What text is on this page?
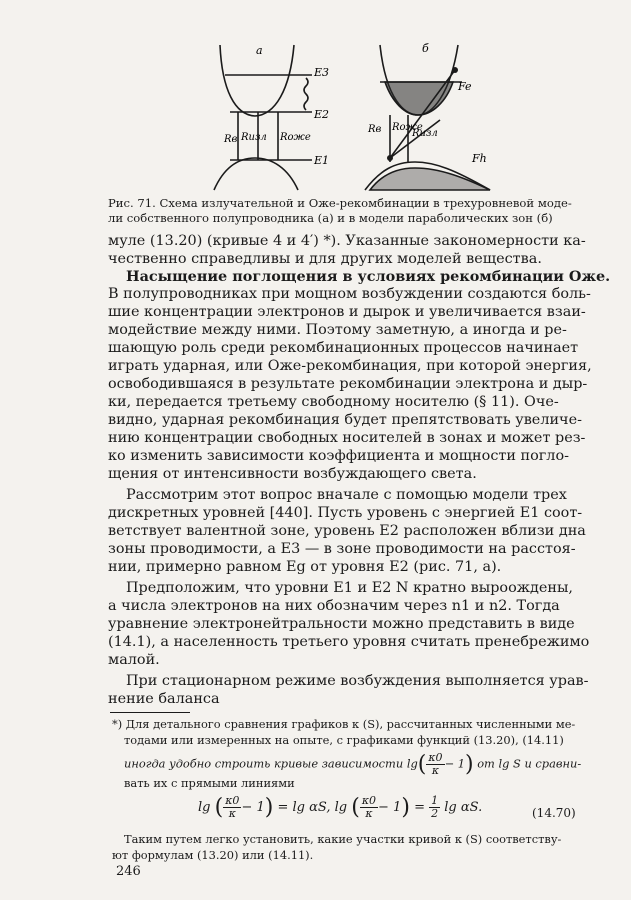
а
E3
E2
E1
Rв Rизл Rоже
б
Fe
Fh
Rв Rоже
Rизл
Рис. 71. Схема излучательной и Оже-рекомбинации в трехуровневой моде-
ли собственного полупроводника (а) и в модели параболических зон (б)
муле (13.20) (кривые 4 и 4′) *). Указанные закономерности ка-
чественно справедливы и для других моделей вещества.
Насыщение поглощения в условиях рекомбинации Оже.
В полупроводниках при мощном возбуждении создаются боль-
шие концентрации электронов и дырок и увеличивается взаи-
модействие между ними. Поэтому заметную, а иногда и ре-
шающую роль среди рекомбинационных процессов начинает
играть ударная, или Оже-рекомбинация, при которой энергия,
освободившаяся в результате рекомбинации электрона и дыр-
ки, передается третьему свободному носителю (§ 11). Оче-
видно, ударная рекомбинация будет препятствовать увеличе-
нию концентрации свободных носителей в зонах и может рез-
ко изменить зависимости коэффициента и мощности погло-
щения от интенсивности возбуждающего света.
Рассмотрим этот вопрос вначале с помощью модели трех
дискретных уровней [440]. Пусть уровень с энергией E1 соот-
ветствует валентной зоне, уровень E2 расположен вблизи дна
зоны проводимости, а E3 — в зоне проводимости на расстоя-
нии, примерно равном Eg от уровня E2 (рис. 71, а).
Предположим, что уровни E1 и E2 N кратно выроождены,
а числа электронов на них обозначим через n1 и n2. Тогда
уравнение электронейтральности можно представить в виде
(14.1), а населенность третьего уровня считать пренебрежимо
малой.
При стационарном режиме возбуждения выполняется урав-
нение баланса
*) Для детального сравнения графиков κ (S), рассчитанных численными ме-
тодами или измеренных на опыте, с графиками функций (13.20), (14.11)
иногда удобно строить кривые зависимости $\lg( \frac{\kappa 0}{\kappa} - 1)$ от lg S и сравни-
вать их с прямыми линиями
lg ( $\frac{\kappa 0}{\kappa} - 1) = \lg \alpha S$, lg ( $\frac{\kappa 0}{\kappa} - 1) = \frac{1}{2}$ lg αS.	(14.70)
Таким путем легко установить, какие участки кривой κ (S) соответству-
ют формулам (13.20) или (14.11).
246
